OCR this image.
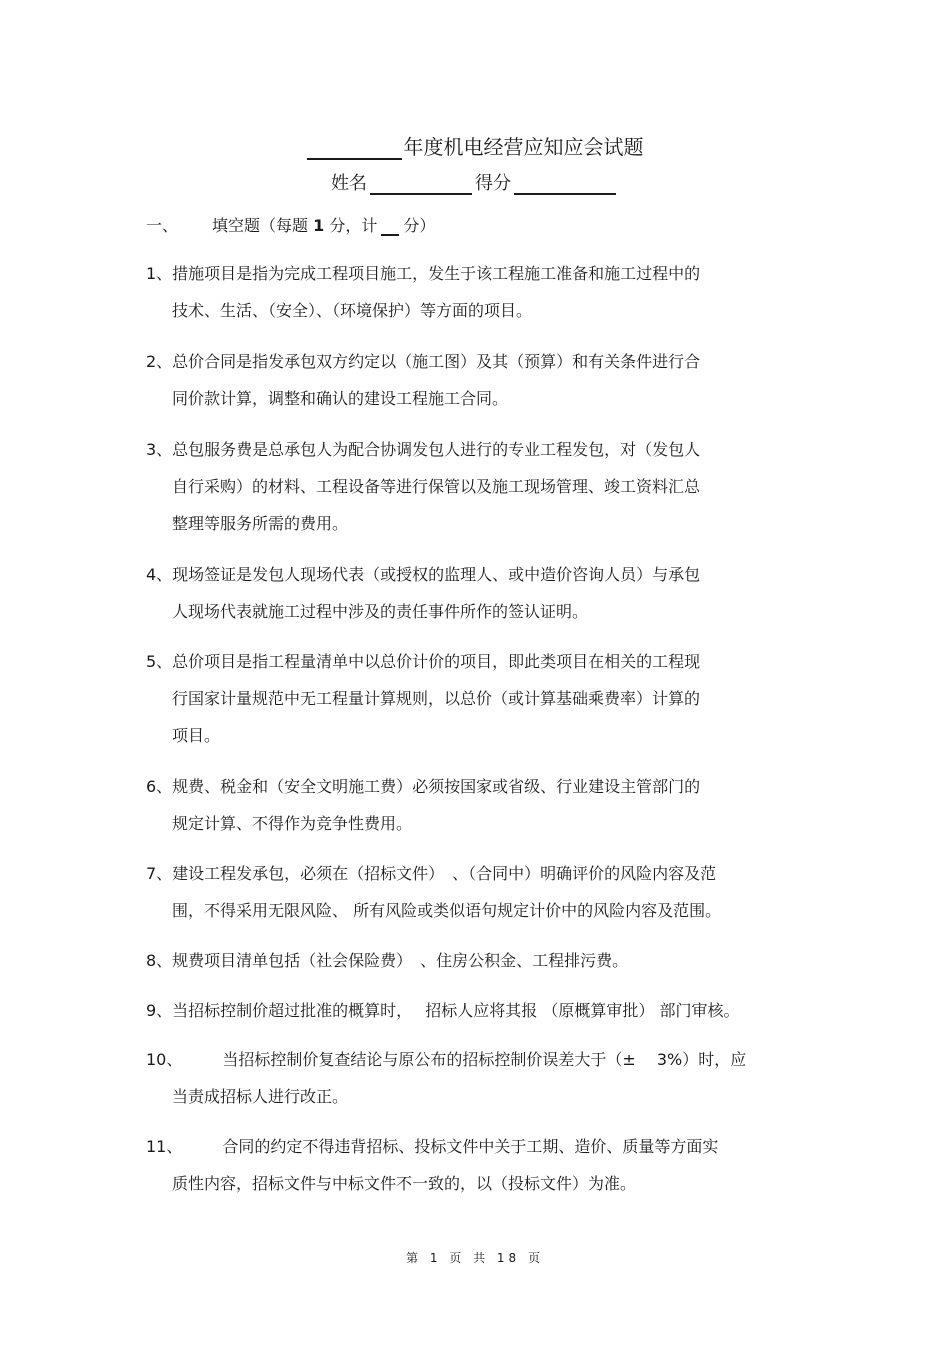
年度机电经营应知应会试题
姓名	得分
一、 填空题（每题 1 分，计 分）
1、措施项目是指为完成工程项目施工，发生于该工程施工准备和施工过程中的
技术、生活、（安全）、（环境保护）等方面的项目。
2、总价合同是指发承包双方约定以（施工图）及其（预算）和有关条件进行合
同价款计算，调整和确认的建设工程施工合同。
3、总包服务费是总承包人为配合协调发包人进行的专业工程发包，对（发包人
自行采购）的材料、工程设备等进行保管以及施工现场管理、竣工资料汇总
整理等服务所需的费用。
4、现场签证是发包人现场代表（或授权的监理人、或中造价咨询人员）与承包
人现场代表就施工过程中涉及的责任事件所作的签认证明。
5、总价项目是指工程量清单中以总价计价的项目，即此类项目在相关的工程现
行国家计量规范中无工程量计算规则，以总价（或计算基础乘费率）计算的
项目。
6、规费、税金和（安全文明施工费）必须按国家或省级、行业建设主管部门的
规定计算、不得作为竞争性费用。
7、建设工程发承包，必须在（招标文件）　、（合同中）明确评价的风险内容及范
围，不得采用无限风险、 所有风险或类似语句规定计价中的风险内容及范围。
8、规费项目清单包括（社会保险费）　、住房公积金、工程排污费。
9、当招标控制价超过批准的概算时，　 招标人应将其报 （原概算审批） 部门审核。
10、	当招标控制价复查结论与原公布的招标控制价误差大于（±　 3%）时，应
当责成招标人进行改正。
11、	合同的约定不得违背招标、投标文件中关于工期、造价、质量等方面实
质性内容，招标文件与中标文件不一致的，以（投标文件）为准。
第 1 页 共 18 页
